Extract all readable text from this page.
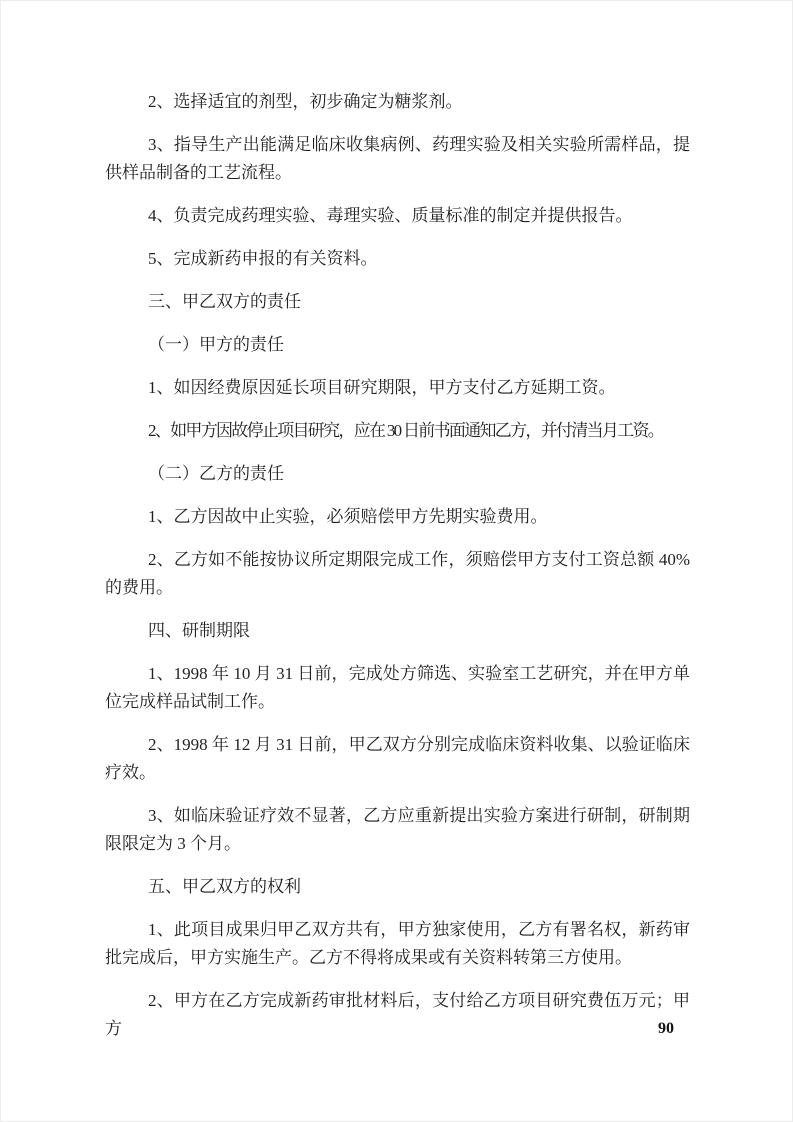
2、选择适宜的剂型，初步确定为糖浆剂。

3、指导生产出能满足临床收集病例、药理实验及相关实验所需样品，提供样品制备的工艺流程。

4、负责完成药理实验、毒理实验、质量标准的制定并提供报告。

5、完成新药申报的有关资料。

三、甲乙双方的责任

（一）甲方的责任

1、如因经费原因延长项目研究期限，甲方支付乙方延期工资。

2、如甲方因故停止项目研究，应在 30 日前书面通知乙方，并付清当月工资。

（二）乙方的责任

1、乙方因故中止实验，必须赔偿甲方先期实验费用。

2、乙方如不能按协议所定期限完成工作，须赔偿甲方支付工资总额 40%的费用。

四、研制期限

1、1998 年 10 月 31 日前，完成处方筛选、实验室工艺研究，并在甲方单位完成样品试制工作。

2、1998 年 12 月 31 日前，甲乙双方分别完成临床资料收集、以验证临床疗效。

3、如临床验证疗效不显著，乙方应重新提出实验方案进行研制，研制期限限定为 3 个月。

五、甲乙双方的权利

1、此项目成果归甲乙双方共有，甲方独家使用，乙方有署名权，新药审批完成后，甲方实施生产。乙方不得将成果或有关资料转第三方使用。

2、甲方在乙方完成新药审批材料后，支付给乙方项目研究费伍万元；甲方	90
